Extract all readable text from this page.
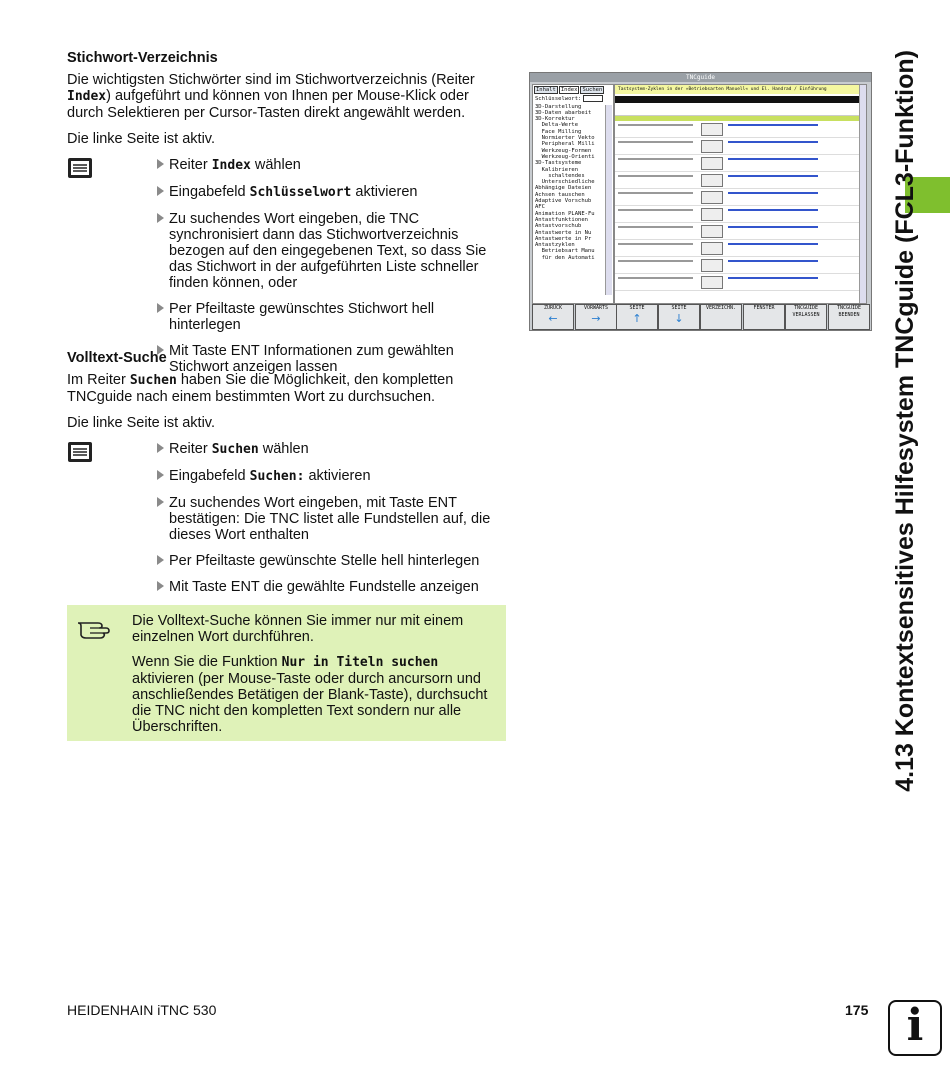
Stichwort-Verzeichnis

Die wichtigsten Stichwörter sind im Stichwortverzeichnis (Reiter Index) aufgeführt und können von Ihnen per Mouse-Klick oder durch Selektieren per Cursor-Tasten direkt angewählt werden.

Die linke Seite ist aktiv.

Reiter Index wählen
Eingabefeld Schlüsselwort aktivieren
Zu suchendes Wort eingeben, die TNC synchronisiert dann das Stichwortverzeichnis bezogen auf den eingegebenen Text, so dass Sie das Stichwort in der aufgeführten Liste schneller finden können, oder
Per Pfeiltaste gewünschtes Stichwort hell hinterlegen
Mit Taste ENT Informationen zum gewählten Stichwort anzeigen lassen
Volltext-Suche

Im Reiter Suchen haben Sie die Möglichkeit, den kompletten TNCguide nach einem bestimmten Wort zu durchsuchen.

Die linke Seite ist aktiv.

Reiter Suchen wählen
Eingabefeld Suchen: aktivieren
Zu suchendes Wort eingeben, mit Taste ENT bestätigen: Die TNC listet alle Fundstellen auf, die dieses Wort enthalten
Per Pfeiltaste gewünschte Stelle hell hinterlegen
Mit Taste ENT die gewählte Fundstelle anzeigen

Die Volltext-Suche können Sie immer nur mit einem einzelnen Wort durchführen.

Wenn Sie die Funktion Nur in Titeln suchen aktivieren (per Mouse-Taste oder durch ancursorn und anschließendes Betätigen der Blank-Taste), durchsucht die TNC nicht den kompletten Text sondern nur alle Überschriften.

TNCguide
Inhalt Index Suchen
Schlüsselwort:
3D-Darstellung
3D-Daten abarbeit
3D-Korrektur
Delta-Werte
Face Milling
Normierter Vekto
Peripheral Milli
Werkzeug-Formen
Werkzeug-Orienti
3D-Tastsysteme
Kalibrieren
schaltendes
Unterschiedliche
Abhängige Dateien
Achsen tauschen
Adaptive Vorschub
AFC
Animation PLANE-Fu
Antastfunktionen
Antastvorschub
Antastwerte in Nu
Antastwerte in Pr
Antastzyklen
Betriebsart Manu
für den Automati
Tastsystem-Zyklen in der »Betriebsarten Manuell« und El. Handrad / Einführung
ZURÜCK
←
VORWÄRTS
→
SEITE
↑
SEITE
↓
VERZEICHN.	FENSTER	TNCGUIDE VERLASSEN
TNCGUIDE BEENDEN	4.13 Kontextsensitives Hilfesystem TNCguide (FCL3-Funktion)
HEIDENHAIN iTNC 530	175 i
